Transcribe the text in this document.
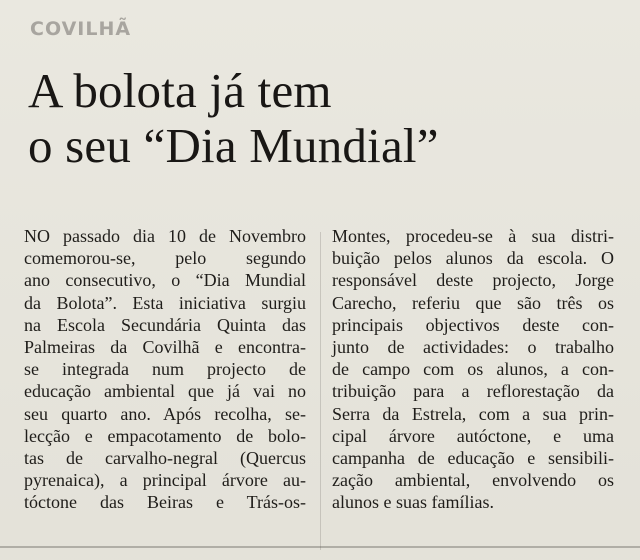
COVILHÃ
A bolota já tem
o seu “Dia Mundial”
NO passado dia 10 de Novembro
comemorou-se, pelo segundo
ano consecutivo, o “Dia Mundial
da Bolota”. Esta iniciativa surgiu
na Escola Secundária Quinta das
Palmeiras da Covilhã e encontra-
se integrada num projecto de
educação ambiental que já vai no
seu quarto ano. Após recolha, se-
lecção e empacotamento de bolo-
tas de carvalho-negral (Quercus
pyrenaica), a principal árvore au-
tóctone das Beiras e Trás-os-
Montes, procedeu-se à sua distri-
buição pelos alunos da escola. O
responsável deste projecto, Jorge
Carecho, referiu que são três os
principais objectivos deste con-
junto de actividades: o trabalho
de campo com os alunos, a con-
tribuição para a reflorestação da
Serra da Estrela, com a sua prin-
cipal árvore autóctone, e uma
campanha de educação e sensibili-
zação ambiental, envolvendo os
alunos e suas famílias.
